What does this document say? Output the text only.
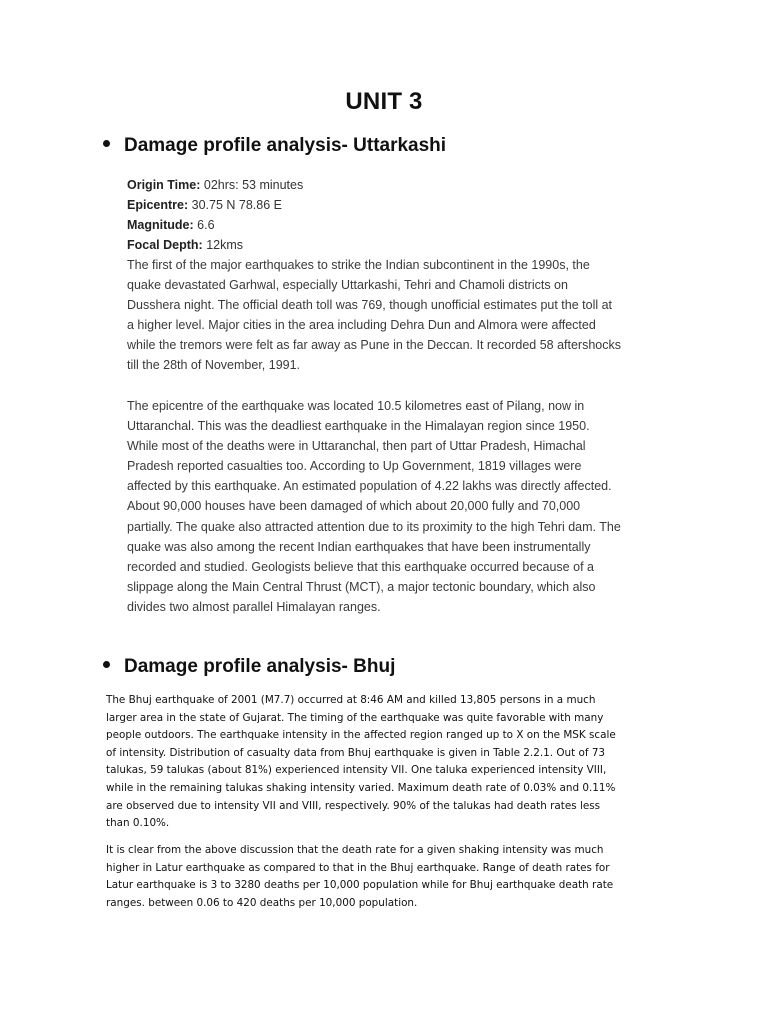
UNIT 3
Damage profile analysis- Uttarkashi
Origin Time: 02hrs: 53 minutes
Epicentre: 30.75 N 78.86 E
Magnitude: 6.6
Focal Depth: 12kms

The first of the major earthquakes to strike the Indian subcontinent in the 1990s, the quake devastated Garhwal, especially Uttarkashi, Tehri and Chamoli districts on Dusshera night. The official death toll was 769, though unofficial estimates put the toll at a higher level. Major cities in the area including Dehra Dun and Almora were affected while the tremors were felt as far away as Pune in the Deccan. It recorded 58 aftershocks till the 28th of November, 1991.

The epicentre of the earthquake was located 10.5 kilometres east of Pilang, now in Uttaranchal. This was the deadliest earthquake in the Himalayan region since 1950. While most of the deaths were in Uttaranchal, then part of Uttar Pradesh, Himachal Pradesh reported casualties too. According to Up Government, 1819 villages were affected by this earthquake. An estimated population of 4.22 lakhs was directly affected. About 90,000 houses have been damaged of which about 20,000 fully and 70,000 partially. The quake also attracted attention due to its proximity to the high Tehri dam. The quake was also among the recent Indian earthquakes that have been instrumentally recorded and studied. Geologists believe that this earthquake occurred because of a slippage along the Main Central Thrust (MCT), a major tectonic boundary, which also divides two almost parallel Himalayan ranges.

Damage profile analysis- Bhuj

The Bhuj earthquake of 2001 (M7.7) occurred at 8:46 AM and killed 13,805 persons in a much larger area in the state of Gujarat. The timing of the earthquake was quite favorable with many people outdoors. The earthquake intensity in the affected region ranged up to X on the MSK scale of intensity. Distribution of casualty data from Bhuj earthquake is given in Table 2.2.1. Out of 73 talukas, 59 talukas (about 81%) experienced intensity VII. One taluka experienced intensity VIII, while in the remaining talukas shaking intensity varied. Maximum death rate of 0.03% and 0.11% are observed due to intensity VII and VIII, respectively. 90% of the talukas had death rates less than 0.10%.

It is clear from the above discussion that the death rate for a given shaking intensity was much higher in Latur earthquake as compared to that in the Bhuj earthquake. Range of death rates for Latur earthquake is 3 to 3280 deaths per 10,000 population while for Bhuj earthquake death rate ranges. between 0.06 to 420 deaths per 10,000 population.
